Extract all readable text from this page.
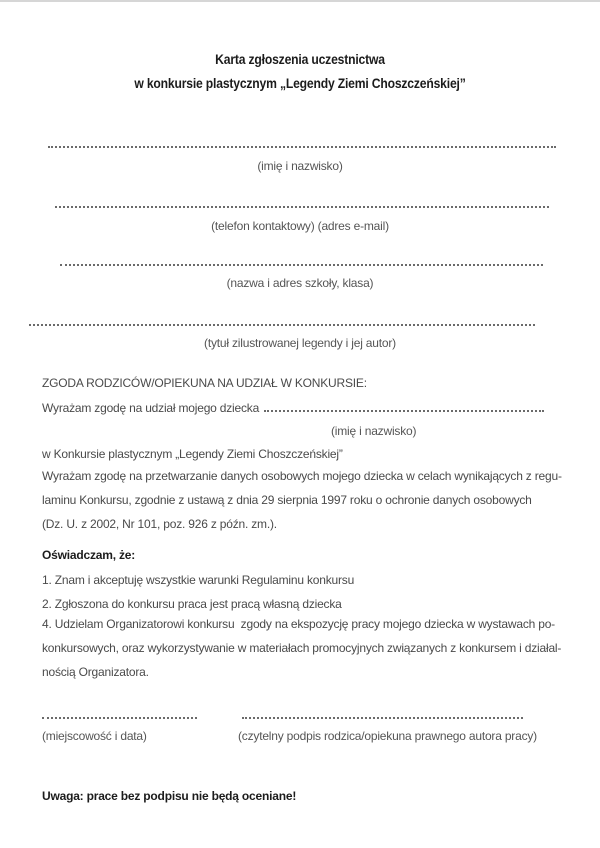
Karta zgłoszenia uczestnictwa
w konkursie plastycznym „Legendy Ziemi Choszczeńskiej”
(imię i nazwisko)
(telefon kontaktowy) (adres e-mail)
(nazwa i adres szkoły, klasa)
(tytuł zilustrowanej legendy i jej autor)
ZGODA RODZICÓW/OPIEKUNA NA UDZIAŁ W KONKURSIE:
Wyrażam zgodę na udział mojego dziecka
(imię i nazwisko)
w Konkursie plastycznym „Legendy Ziemi Choszczeńskiej”
Wyrażam zgodę na przetwarzanie danych osobowych mojego dziecka w celach wynikających z regu-
laminu Konkursu, zgodnie z ustawą z dnia 29 sierpnia 1997 roku o ochronie danych osobowych
(Dz. U. z 2002, Nr 101, poz. 926 z późn. zm.).
Oświadczam, że:
1. Znam i akceptuję wszystkie warunki Regulaminu konkursu
2. Zgłoszona do konkursu praca jest pracą własną dziecka
4. Udzielam Organizatorowi konkursu  zgody na ekspozycję pracy mojego dziecka w wystawach po-
konkursowych, oraz wykorzystywanie w materiałach promocyjnych związanych z konkursem i działal-
nością Organizatora.
(miejscowość i data)	(czytelny podpis rodzica/opiekuna prawnego autora pracy)
Uwaga: prace bez podpisu nie będą oceniane!
